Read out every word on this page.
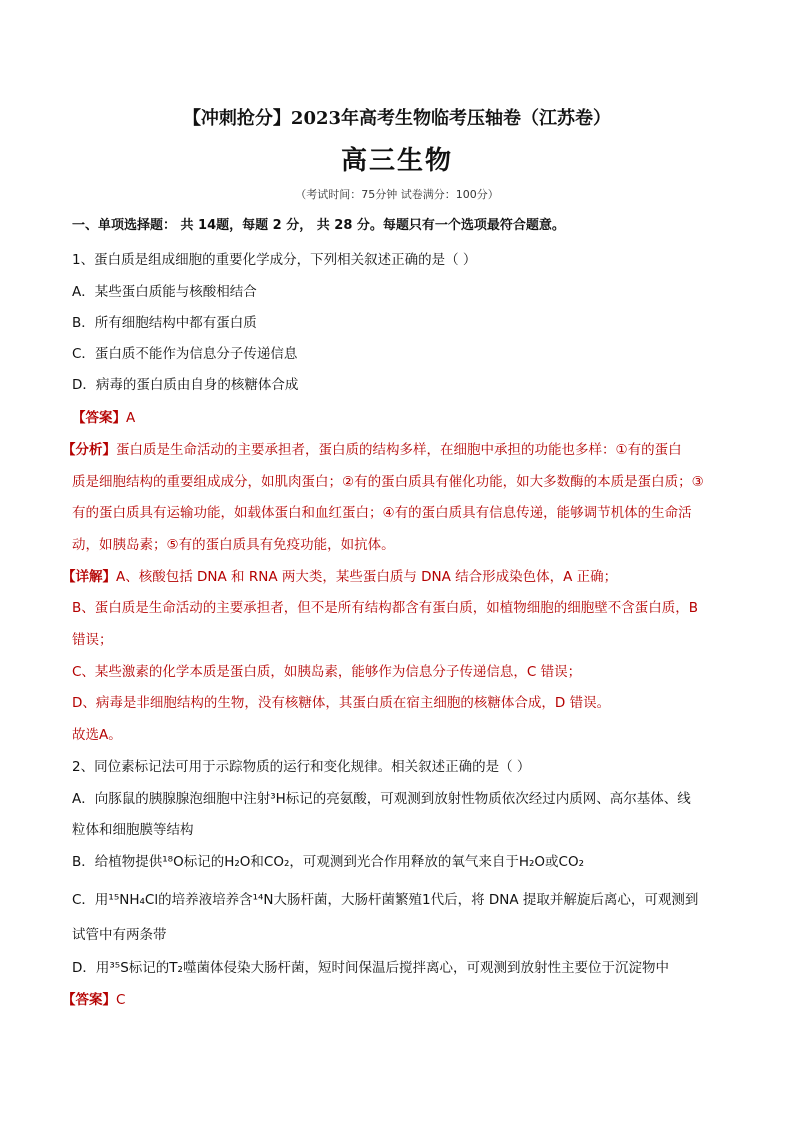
【冲刺抢分】2023年高考生物临考压轴卷（江苏卷）
高三生物
（考试时间：75分钟 试卷满分：100分）
一、单项选择题： 共 14题，每题 2 分， 共 28 分。每题只有一个选项最符合题意。
1、蛋白质是组成细胞的重要化学成分，下列相关叙述正确的是（ ）
A．某些蛋白质能与核酸相结合
B．所有细胞结构中都有蛋白质
C．蛋白质不能作为信息分子传递信息
D．病毒的蛋白质由自身的核糖体合成
【答案】A
【分析】蛋白质是生命活动的主要承担者，蛋白质的结构多样，在细胞中承担的功能也多样：①有的蛋白
质是细胞结构的重要组成成分，如肌肉蛋白；②有的蛋白质具有催化功能，如大多数酶的本质是蛋白质；③
有的蛋白质具有运输功能，如载体蛋白和血红蛋白；④有的蛋白质具有信息传递，能够调节机体的生命活
动，如胰岛素；⑤有的蛋白质具有免疫功能，如抗体。
【详解】A、核酸包括 DNA 和 RNA 两大类，某些蛋白质与 DNA 结合形成染色体，A 正确；
B、蛋白质是生命活动的主要承担者，但不是所有结构都含有蛋白质，如植物细胞的细胞壁不含蛋白质，B
错误；
C、某些激素的化学本质是蛋白质，如胰岛素，能够作为信息分子传递信息，C 错误；
D、病毒是非细胞结构的生物，没有核糖体，其蛋白质在宿主细胞的核糖体合成，D 错误。
故选A。
2、同位素标记法可用于示踪物质的运行和变化规律。相关叙述正确的是（ ）
A．向豚鼠的胰腺腺泡细胞中注射³H标记的亮氨酸，可观测到放射性物质依次经过内质网、高尔基体、线
粒体和细胞膜等结构
B．给植物提供¹⁸O标记的H₂O和CO₂，可观测到光合作用释放的氧气来自于H₂O或CO₂
C．用¹⁵NH₄Cl的培养液培养含¹⁴N大肠杆菌，大肠杆菌繁殖1代后，将 DNA 提取并解旋后离心，可观测到
试管中有两条带
D．用³⁵S标记的T₂噬菌体侵染大肠杆菌，短时间保温后搅拌离心，可观测到放射性主要位于沉淀物中
【答案】C
